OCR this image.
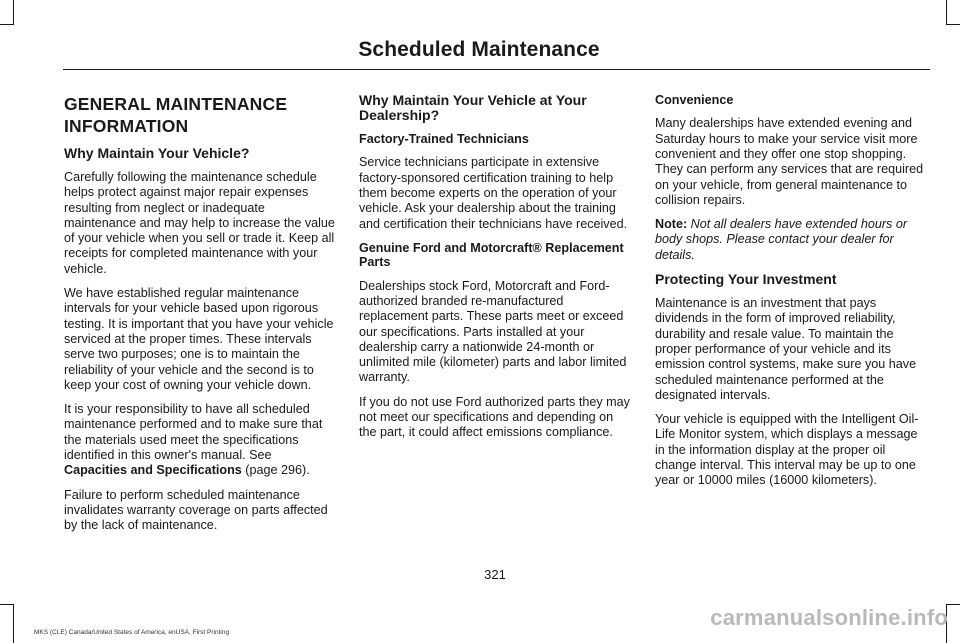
Scheduled Maintenance
GENERAL MAINTENANCE
INFORMATION
Why Maintain Your Vehicle?

Carefully following the maintenance schedule helps protect against major repair expenses resulting from neglect or inadequate maintenance and may help to increase the value of your vehicle when you sell or trade it. Keep all receipts for completed maintenance with your vehicle.

We have established regular maintenance intervals for your vehicle based upon rigorous testing. It is important that you have your vehicle serviced at the proper times. These intervals serve two purposes; one is to maintain the reliability of your vehicle and the second is to keep your cost of owning your vehicle down.

It is your responsibility to have all scheduled maintenance performed and to make sure that the materials used meet the specifications identified in this owner's manual. See Capacities and Specifications (page 296).

Failure to perform scheduled maintenance invalidates warranty coverage on parts affected by the lack of maintenance.

Why Maintain Your Vehicle at Your Dealership?
Factory-Trained Technicians

Service technicians participate in extensive factory-sponsored certification training to help them become experts on the operation of your vehicle. Ask your dealership about the training and certification their technicians have received.

Genuine Ford and Motorcraft® Replacement Parts

Dealerships stock Ford, Motorcraft and Ford-authorized branded re-manufactured replacement parts. These parts meet or exceed our specifications. Parts installed at your dealership carry a nationwide 24-month or unlimited mile (kilometer) parts and labor limited warranty.

If you do not use Ford authorized parts they may not meet our specifications and depending on the part, it could affect emissions compliance.

Convenience

Many dealerships have extended evening and Saturday hours to make your service visit more convenient and they offer one stop shopping. They can perform any services that are required on your vehicle, from general maintenance to collision repairs.

Note: Not all dealers have extended hours or body shops. Please contact your dealer for details.

Protecting Your Investment

Maintenance is an investment that pays dividends in the form of improved reliability, durability and resale value. To maintain the proper performance of your vehicle and its emission control systems, make sure you have scheduled maintenance performed at the designated intervals.

Your vehicle is equipped with the Intelligent Oil-Life Monitor system, which displays a message in the information display at the proper oil change interval. This interval may be up to one year or 10000 miles (16000 kilometers).

321
MKS (CLE) Canada/United States of America, enUSA, First Printing
carmanualsonline.info
